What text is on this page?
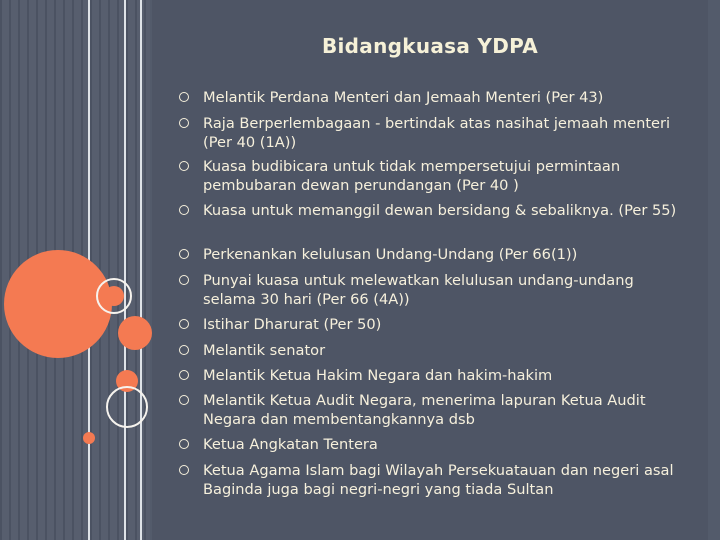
Bidangkuasa YDPA
Melantik Perdana Menteri dan Jemaah Menteri (Per 43)
Raja Berperlembagaan - bertindak atas nasihat jemaah menteri (Per 40 (1A))
Kuasa budibicara untuk tidak mempersetujui permintaan pembubaran dewan perundangan (Per 40 )
Kuasa untuk memanggil dewan bersidang & sebaliknya. (Per 55)
Perkenankan kelulusan Undang-Undang (Per 66(1))
Punyai kuasa untuk melewatkan kelulusan undang-undang selama 30 hari (Per 66 (4A))
Istihar Dharurat (Per 50)
Melantik senator
Melantik Ketua Hakim Negara dan hakim-hakim
Melantik Ketua Audit Negara, menerima lapuran Ketua Audit Negara dan membentangkannya dsb
Ketua Angkatan Tentera
Ketua Agama Islam bagi Wilayah Persekuatauan dan negeri asal Baginda juga bagi negri-negri yang tiada Sultan
